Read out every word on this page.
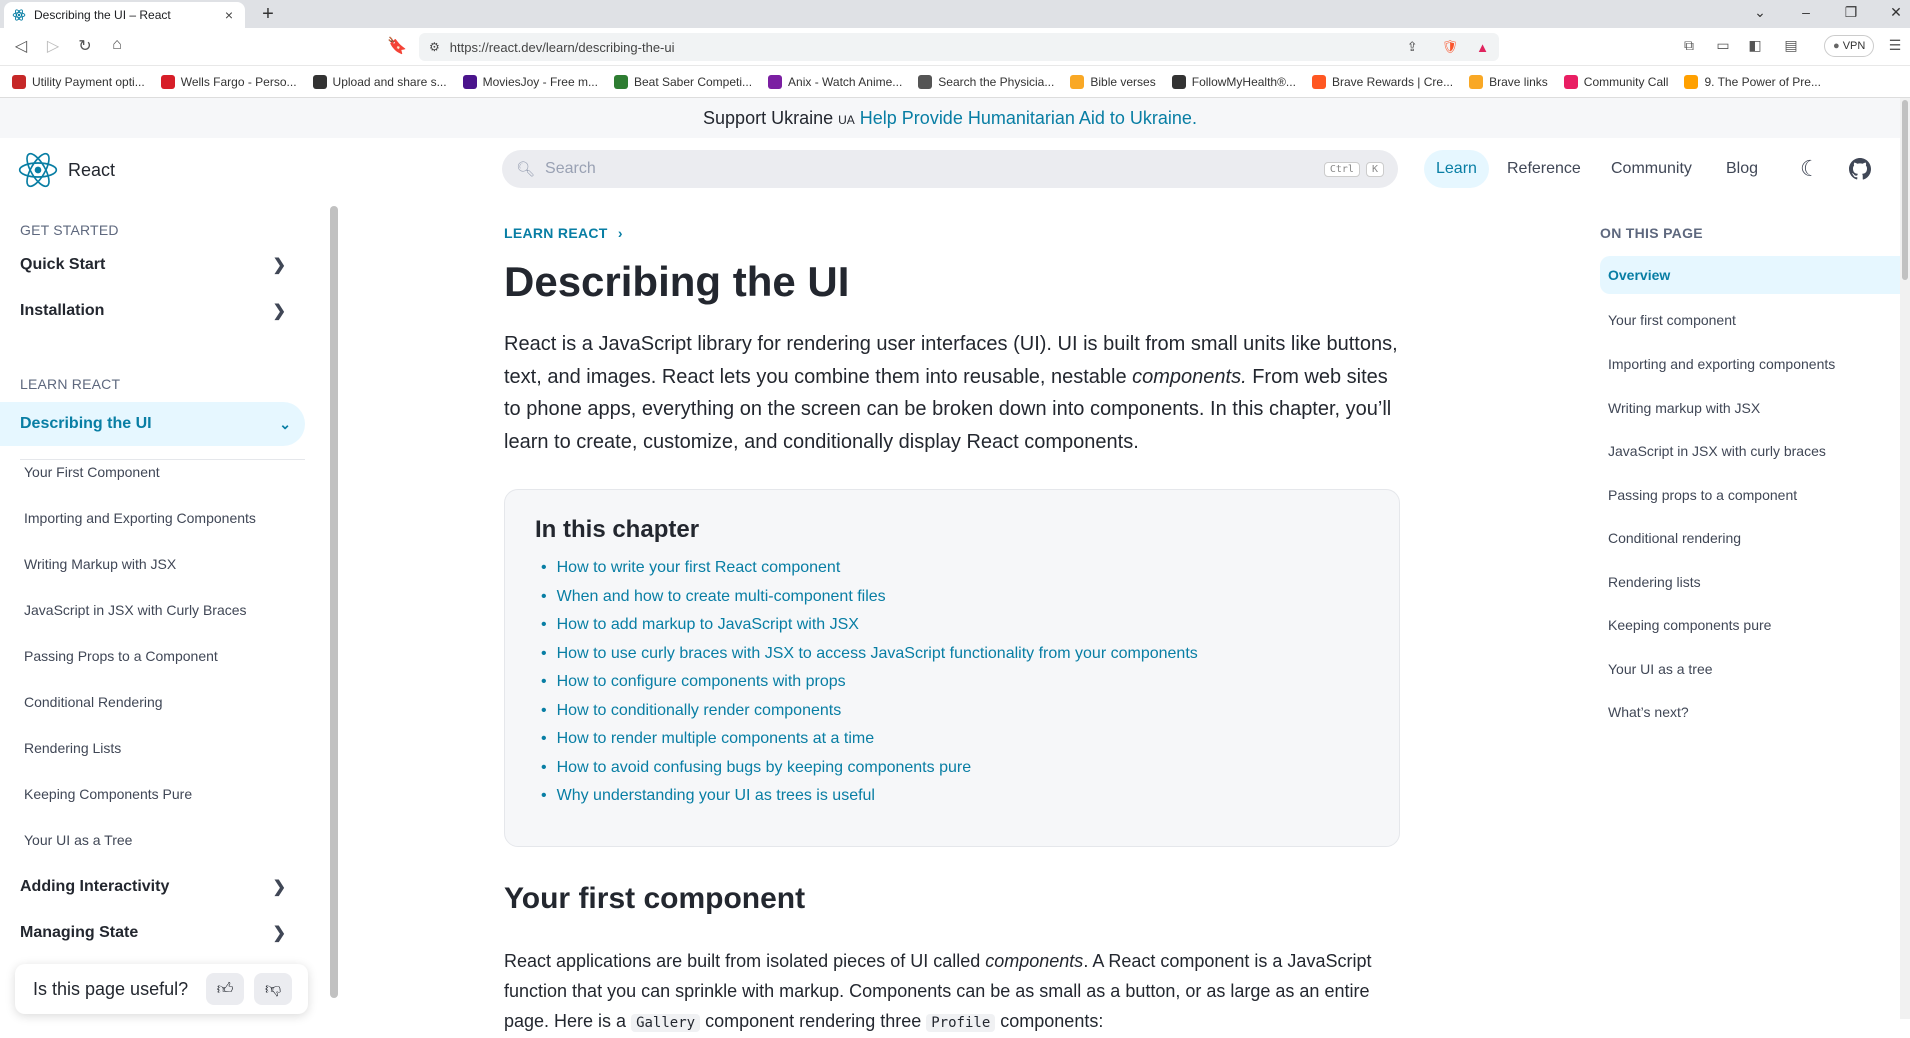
Describing the UI – React	×	+	⌄	–	❐	✕
◁	▷	↻	⌂	🔖 ⚙ https://react.dev/learn/describing-the-ui	⇪ 🛡 ▲	⧉	▭	◧	▤	● VPN	☰
Utility Payment opti...	Wells Fargo - Perso...	Upload and share s...	MoviesJoy - Free m...	Beat Saber Competi...	Anix - Watch Anime...	Search the Physicia...	Bible verses	FollowMyHealth®...	Brave Rewards | Cre...	Brave links	Community Call	9. The Power of Pre...
Support Ukraine UA Help Provide Humanitarian Aid to Ukraine.
React	🔍︎ Search	Ctrl	K	Learn	Reference	Community	Blog	☾
GET STARTED
Quick Start	❯
Installation	❯
LEARN REACT
Describing the UI	⌄
Your First Component
Importing and Exporting Components
Writing Markup with JSX
JavaScript in JSX with Curly Braces
Passing Props to a Component
Conditional Rendering
Rendering Lists
Keeping Components Pure
Your UI as a Tree
Adding Interactivity	❯
Managing State	❯
Is this page useful? 👍︎ 👎︎
LEARN REACT ›
Describing the UI
React is a JavaScript library for rendering user interfaces (UI). UI is built from small units like buttons, text, and images. React lets you combine them into reusable, nestable components. From web sites to phone apps, everything on the screen can be broken down into components. In this chapter, you’ll learn to create, customize, and conditionally display React components.
In this chapter
• How to write your first React component
• When and how to create multi-component files
• How to add markup to JavaScript with JSX
• How to use curly braces with JSX to access JavaScript functionality from your components
• How to configure components with props
• How to conditionally render components
• How to render multiple components at a time
• How to avoid confusing bugs by keeping components pure
• Why understanding your UI as trees is useful
Your first component
React applications are built from isolated pieces of UI called components. A React component is a JavaScript function that you can sprinkle with markup. Components can be as small as a button, or as large as an entire page. Here is a Gallery component rendering three Profile components:
ON THIS PAGE
Overview
Your first component
Importing and exporting components
Writing markup with JSX
JavaScript in JSX with curly braces
Passing props to a component
Conditional rendering
Rendering lists
Keeping components pure
Your UI as a tree
What’s next?
